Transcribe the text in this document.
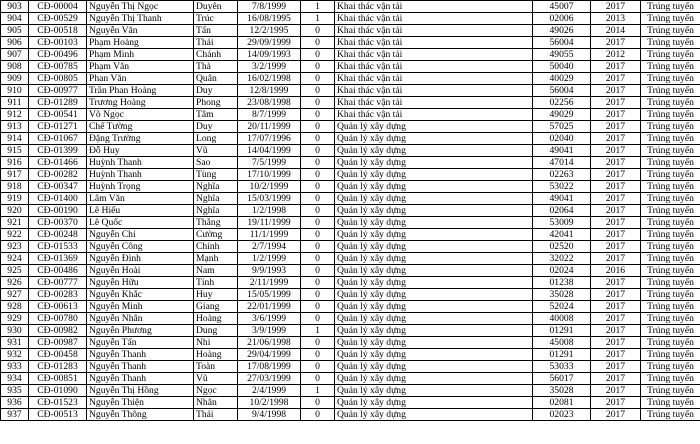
903	CĐ-00004	Nguyễn Thị Ngọc	Duyên	7/8/1999	1	Khai thác vận tải	45007	2017	Trúng tuyển
904	CĐ-00529	Nguyễn Thị Thanh	Trúc	16/08/1995	1	Khai thác vận tải	02006	2013	Trúng tuyển
905	CĐ-00518	Nguyễn Văn	Tấn	12/2/1995	0	Khai thác vận tải	49026	2014	Trúng tuyển
906	CĐ-00103	Phạm Hoàng	Thái	29/09/1999	0	Khai thác vận tải	56004	2017	Trúng tuyển
907	CĐ-00496	Phạm Minh	Chánh	14/09/1993	0	Khai thác vận tải	49055	2012	Trúng tuyển
908	CĐ-00785	Phạm Văn	Thà	3/2/1999	0	Khai thác vận tải	50040	2017	Trúng tuyển
909	CĐ-00805	Phan Văn	Quân	16/02/1998	0	Khai thác vận tải	40029	2017	Trúng tuyển
910	CĐ-00977	Trần Phan Hoàng	Duy	12/8/1999	0	Khai thác vận tải	56004	2017	Trúng tuyển
911	CĐ-01289	Trương Hoàng	Phong	23/08/1998	0	Khai thác vận tải	02256	2017	Trúng tuyển
912	CĐ-00541	Võ Ngọc	Tâm	8/7/1999	0	Khai thác vận tải	49029	2017	Trúng tuyển
913	CĐ-01271	Chế Tường	Duy	20/11/1999	0	Quản lý xây dựng	57025	2017	Trúng tuyển
914	CĐ-01067	Đặng Trường	Long	17/07/1996	0	Quản lý xây dựng	02040	2017	Trúng tuyển
915	CĐ-01399	Đỗ Huy	Vũ	14/04/1999	0	Quản lý xây dựng	49041	2017	Trúng tuyển
916	CĐ-01466	Huỳnh Thanh	Sao	7/5/1999	0	Quản lý xây dựng	47014	2017	Trúng tuyển
917	CĐ-00282	Huỳnh Thanh	Tùng	17/10/1999	0	Quản lý xây dựng	02263	2017	Trúng tuyển
918	CĐ-00347	Huỳnh Trọng	Nghĩa	10/2/1999	0	Quản lý xây dựng	53022	2017	Trúng tuyển
919	CĐ-01400	Lâm Văn	Nghĩa	15/03/1999	0	Quản lý xây dựng	49041	2017	Trúng tuyển
920	CĐ-00190	Lê Hiếu	Nghĩa	1/2/1998	0	Quản lý xây dựng	02064	2017	Trúng tuyển
921	CĐ-00370	Lê Quốc	Thắng	19/11/1999	0	Quản lý xây dựng	53009	2017	Trúng tuyển
922	CĐ-00248	Nguyễn Chí	Cường	11/1/1999	0	Quản lý xây dựng	42041	2017	Trúng tuyển
923	CĐ-01533	Nguyễn Công	Chính	2/7/1994	0	Quản lý xây dựng	02520	2017	Trúng tuyển
924	CĐ-01369	Nguyễn Đình	Mạnh	1/2/1999	0	Quản lý xây dựng	32022	2017	Trúng tuyển
925	CĐ-00486	Nguyễn Hoài	Nam	9/9/1993	0	Quản lý xây dựng	02024	2016	Trúng tuyển
926	CĐ-00777	Nguyễn Hữu	Tính	2/11/1999	0	Quản lý xây dựng	01238	2017	Trúng tuyển
927	CĐ-00283	Nguyễn Khắc	Huy	15/05/1999	0	Quản lý xây dựng	35028	2017	Trúng tuyển
928	CĐ-00613	Nguyễn Minh	Giang	22/01/1999	0	Quản lý xây dựng	52024	2017	Trúng tuyển
929	CĐ-00780	Nguyễn Nhân	Hoàng	3/6/1999	0	Quản lý xây dựng	40008	2017	Trúng tuyển
930	CĐ-00982	Nguyễn Phương	Dung	3/9/1999	1	Quản lý xây dựng	01291	2017	Trúng tuyển
931	CĐ-00987	Nguyễn Tấn	Nhi	21/06/1998	0	Quản lý xây dựng	45008	2017	Trúng tuyển
932	CĐ-00458	Nguyễn Thanh	Hoàng	29/04/1999	0	Quản lý xây dựng	01291	2017	Trúng tuyển
933	CĐ-01283	Nguyễn Thanh	Toàn	17/08/1999	0	Quản lý xây dựng	53033	2017	Trúng tuyển
934	CĐ-00851	Nguyễn Thanh	Vũ	27/03/1999	0	Quản lý xây dựng	56017	2017	Trúng tuyển
935	CĐ-01090	Nguyễn Thị Hồng	Ngọc	2/4/1999	1	Quản lý xây dựng	35028	2017	Trúng tuyển
936	CĐ-01523	Nguyễn Thiện	Nhân	10/2/1998	0	Quản lý xây dựng	02081	2017	Trúng tuyển
937	CĐ-00513	Nguyễn Thông	Thái	9/4/1998	0	Quản lý xây dựng	02023	2017	Trúng tuyển
